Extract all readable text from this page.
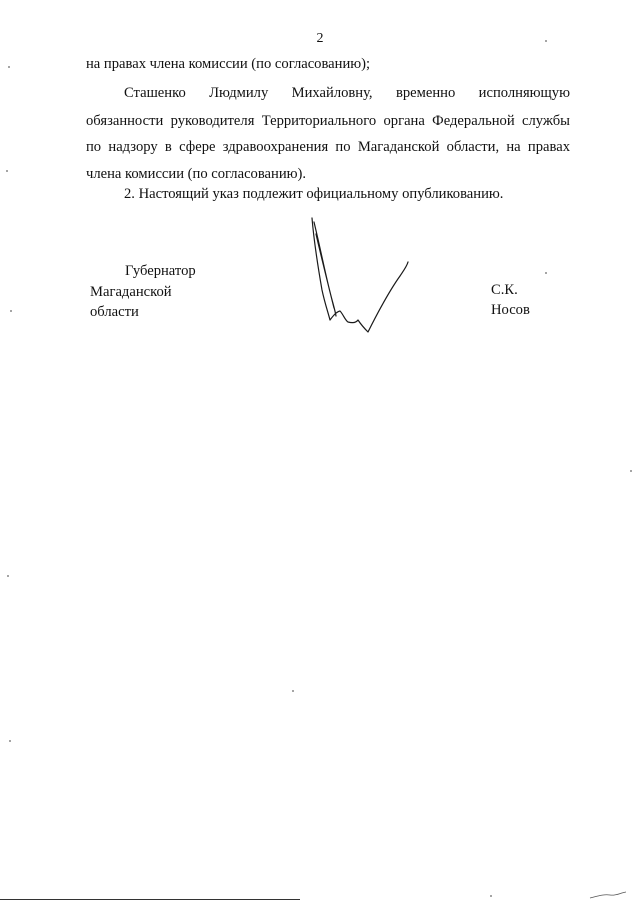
2

на правах члена комиссии (по согласованию);

Сташенко Людмилу Михайловну, временно исполняющую

обязанности руководителя Территориального органа Федеральной службы по надзору в сфере здравоохранения по Магаданской области, на правах члена комиссии (по согласованию).

2. Настоящий указ подлежит официальному опубликованию.

Губернатор
Магаданской области
С.К. Носов
